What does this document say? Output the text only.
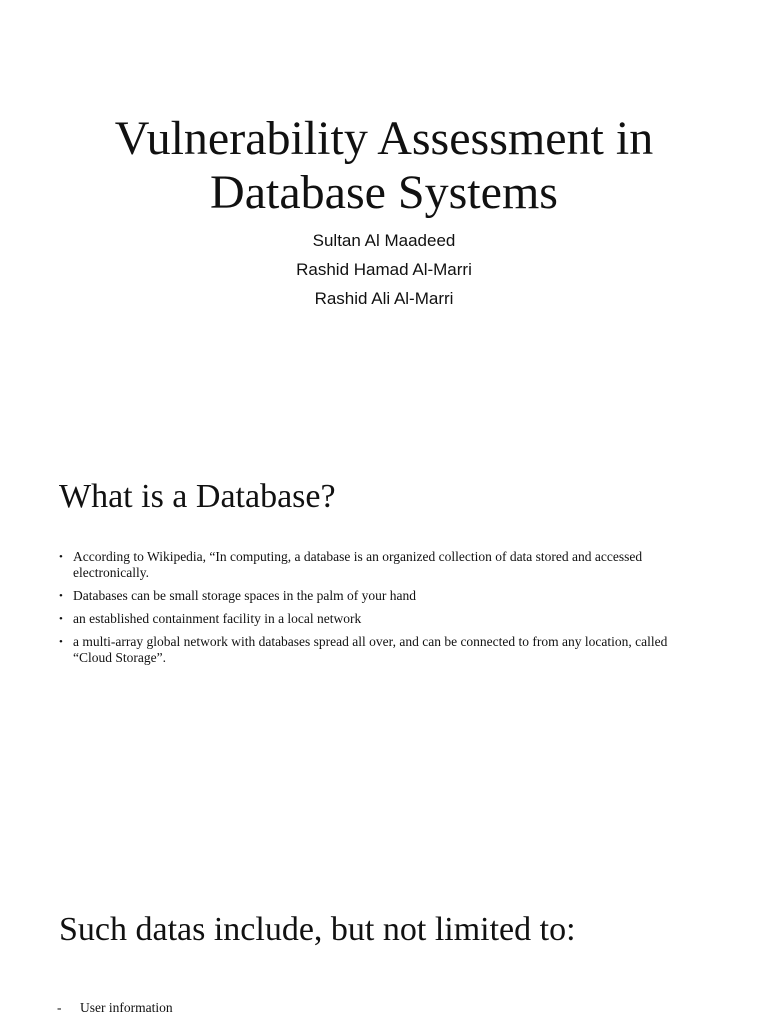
Vulnerability Assessment in
Database Systems
Sultan Al Maadeed
Rashid Hamad Al-Marri
Rashid Ali Al-Marri
What is a Database?
• According to Wikipedia, “In computing, a database is an organized collection of data stored and accessed electronically.
• Databases can be small storage spaces in the palm of your hand
• an established containment facility in a local network
• a multi-array global network with databases spread all over, and can be connected to from any location, called “Cloud Storage”.
Such datas include, but not limited to:
- User information
